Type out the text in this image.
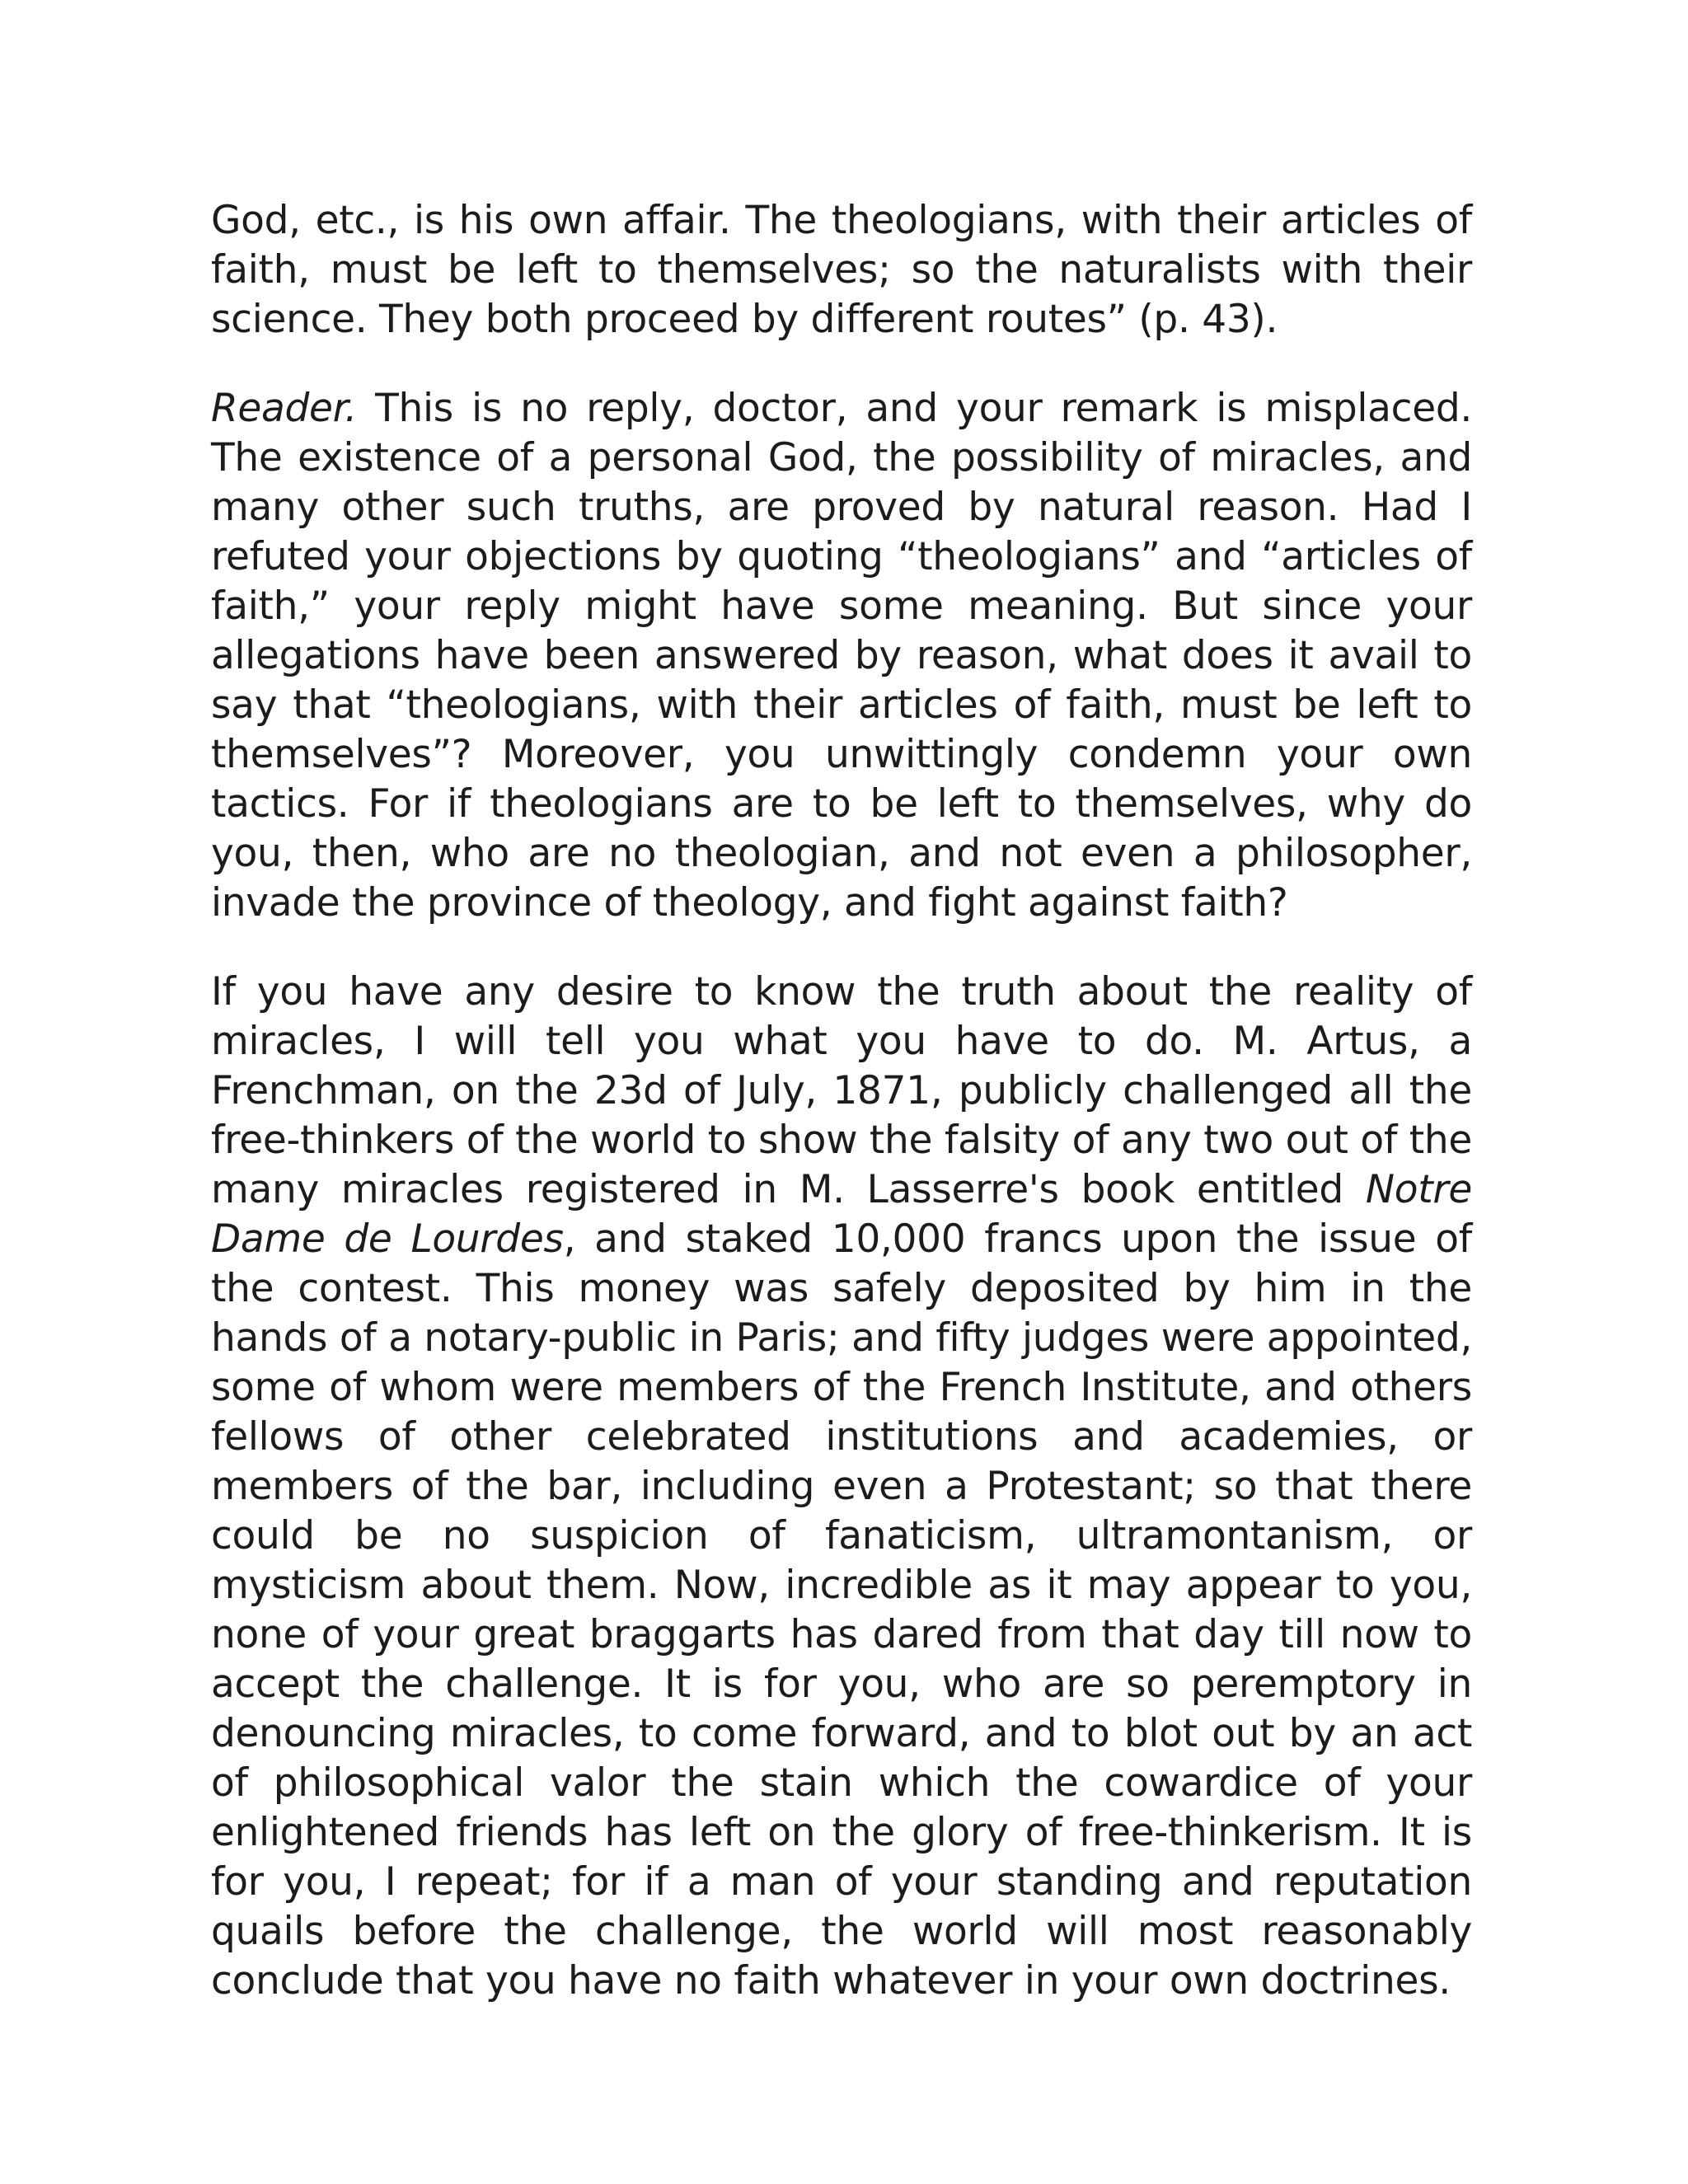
God, etc., is his own affair. The theologians, with their articles of faith, must be left to themselves; so the naturalists with their science. They both proceed by different routes” (p. 43).

Reader. This is no reply, doctor, and your remark is misplaced. The existence of a personal God, the possibility of miracles, and many other such truths, are proved by natural reason. Had I refuted your objections by quoting “theologians” and “articles of faith,” your reply might have some meaning. But since your allegations have been answered by reason, what does it avail to say that “theologians, with their articles of faith, must be left to themselves”? Moreover, you unwittingly condemn your own tactics. For if theologians are to be left to themselves, why do you, then, who are no theologian, and not even a philosopher, invade the province of theology, and fight against faith?

If you have any desire to know the truth about the reality of miracles, I will tell you what you have to do. M. Artus, a Frenchman, on the 23d of July, 1871, publicly challenged all the free-thinkers of the world to show the falsity of any two out of the many miracles registered in M. Lasserre's book entitled Notre Dame de Lourdes, and staked 10,000 francs upon the issue of the contest. This money was safely deposited by him in the hands of a notary-public in Paris; and fifty judges were appointed, some of whom were members of the French Institute, and others fellows of other celebrated institutions and academies, or members of the bar, including even a Protestant; so that there could be no suspicion of fanaticism, ultramontanism, or mysticism about them. Now, incredible as it may appear to you, none of your great braggarts has dared from that day till now to accept the challenge. It is for you, who are so peremptory in denouncing miracles, to come forward, and to blot out by an act of philosophical valor the stain which the cowardice of your enlightened friends has left on the glory of free-thinkerism. It is for you, I repeat; for if a man of your standing and reputation quails before the challenge, the world will most reasonably conclude that you have no faith whatever in your own doctrines.
